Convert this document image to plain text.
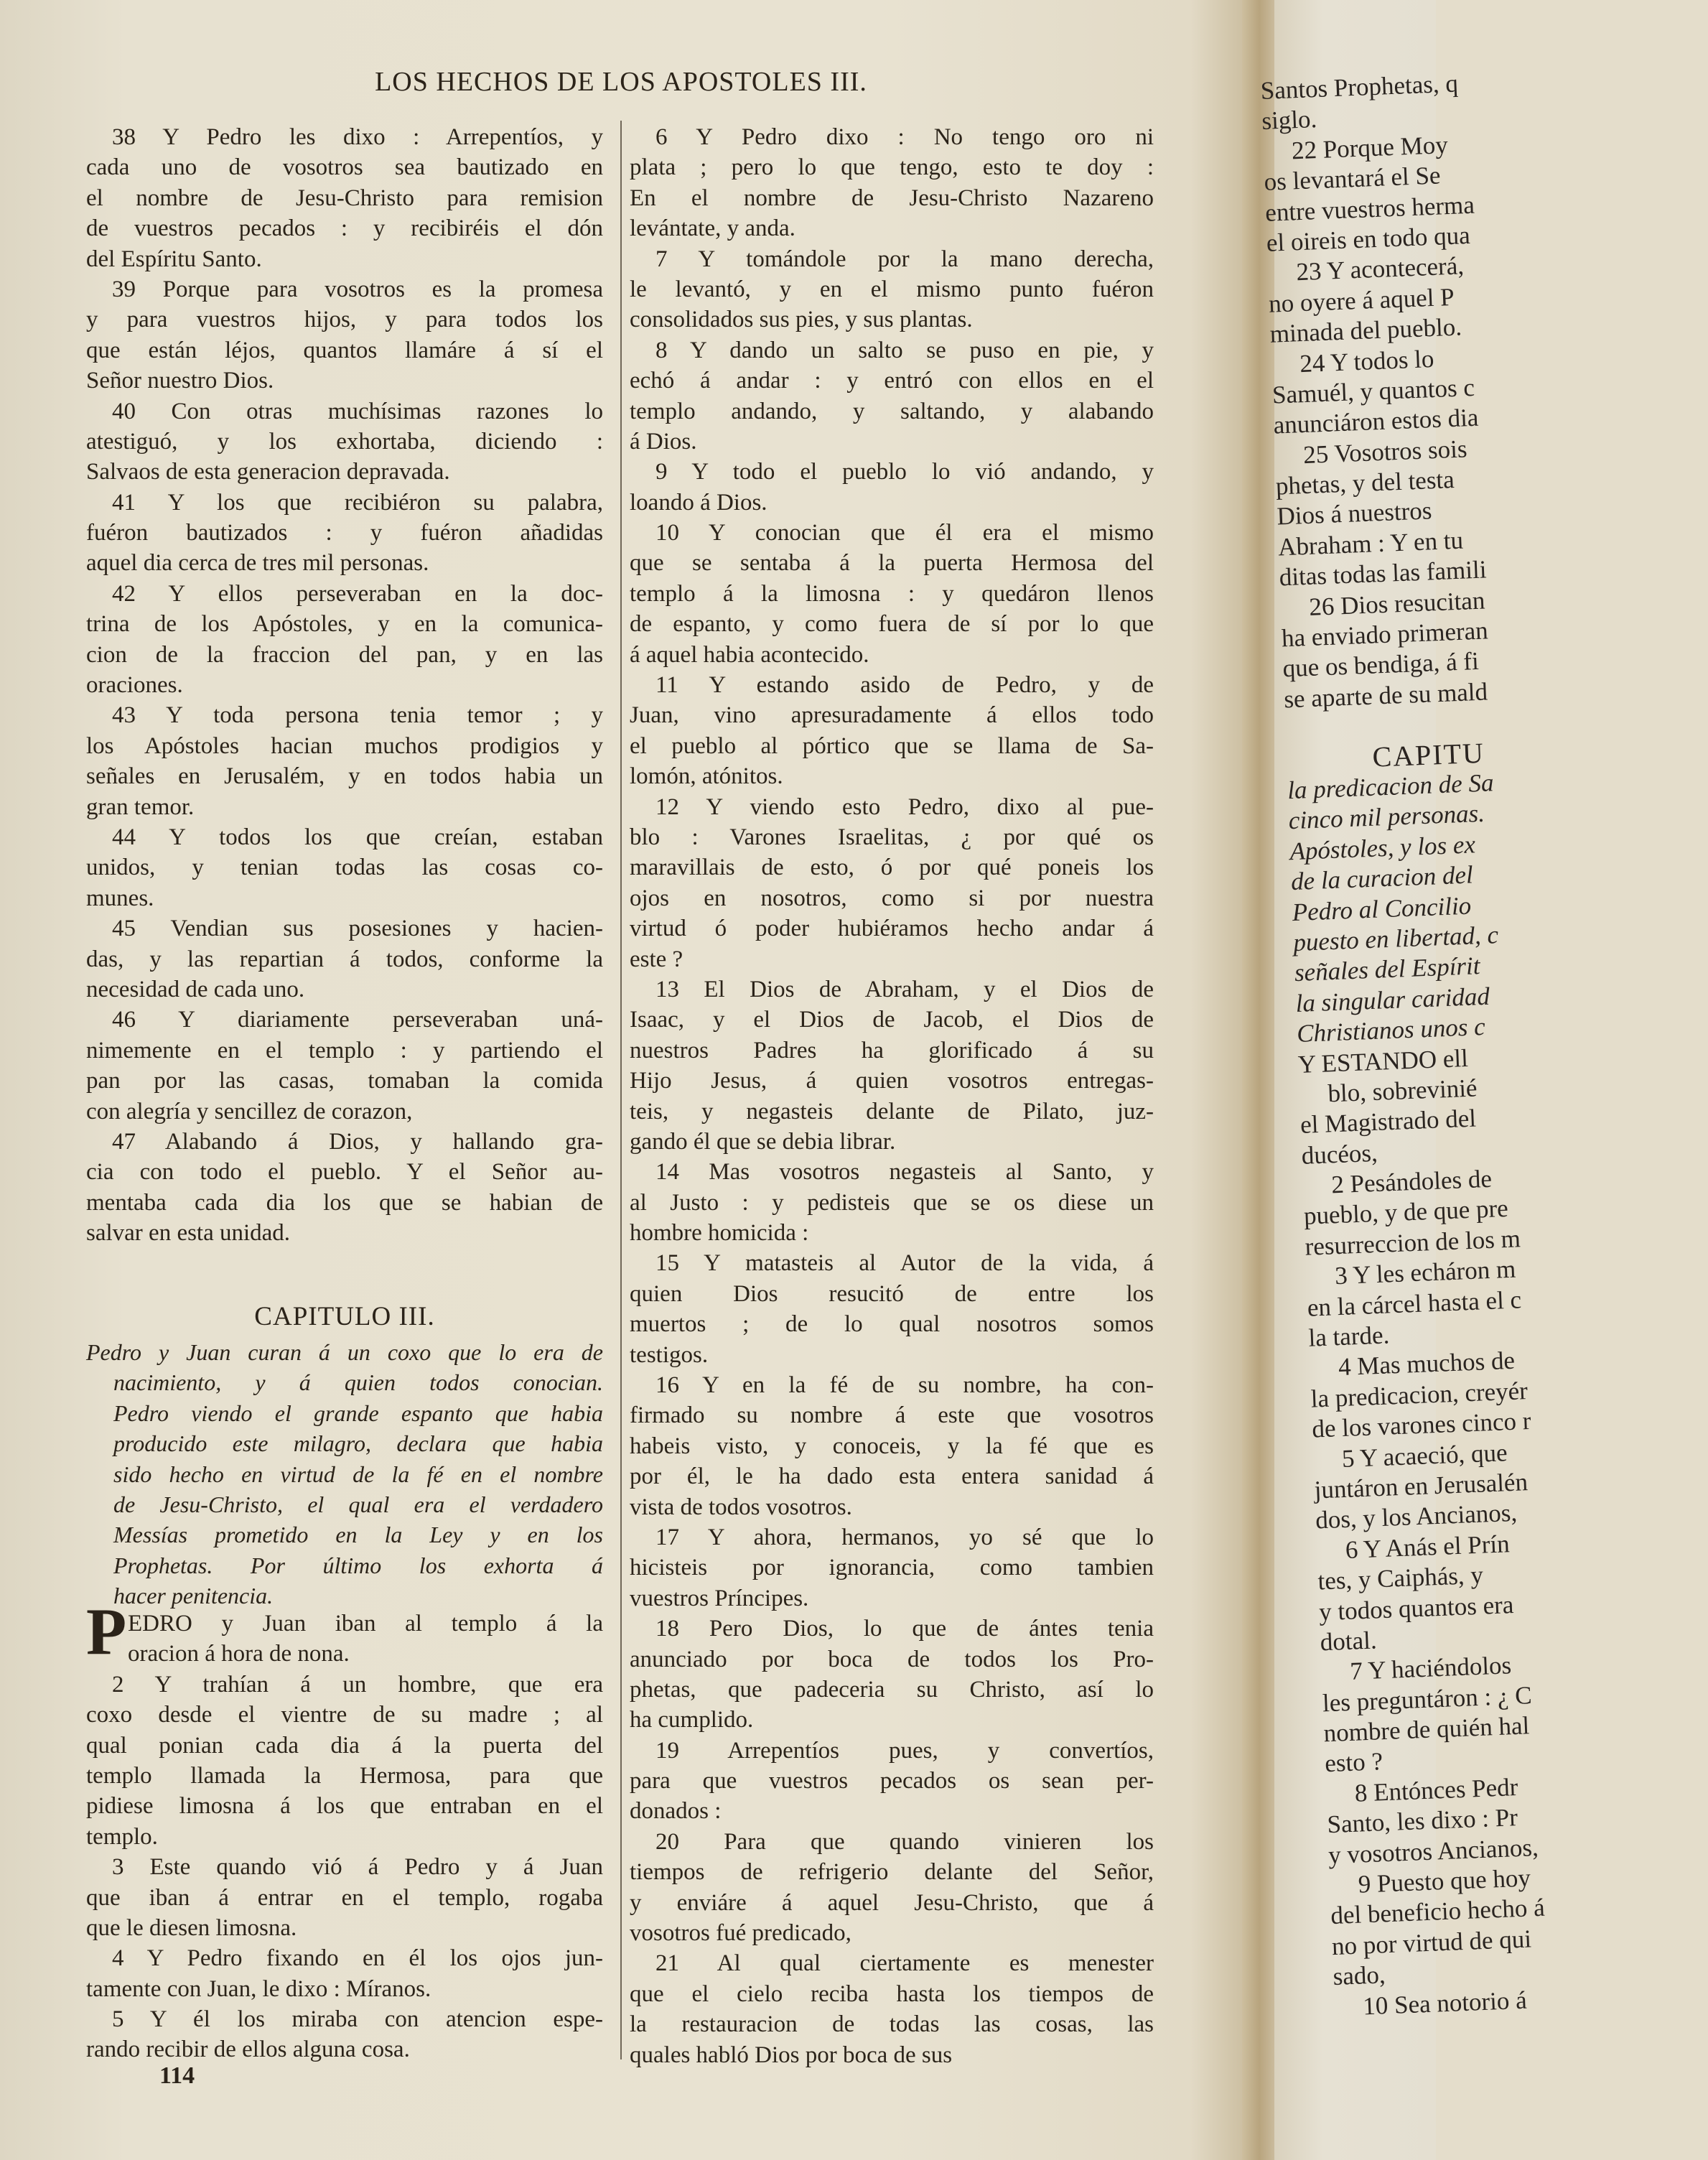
LOS HECHOS DE LOS APOSTOLES III.
38 Y Pedro les dixo : Arrepentíos, y
cada uno de vosotros sea bautizado en
el nombre de Jesu-Christo para remision
de vuestros pecados : y recibiréis el dón
del Espíritu Santo.
39 Porque para vosotros es la promesa
y para vuestros hijos, y para todos los
que están léjos, quantos llamáre á sí el
Señor nuestro Dios.
40 Con otras muchísimas razones lo
atestiguó, y los exhortaba, diciendo :
Salvaos de esta generacion depravada.
41 Y los que recibiéron su palabra,
fuéron bautizados : y fuéron añadidas
aquel dia cerca de tres mil personas.
42 Y ellos perseveraban en la doc-
trina de los Apóstoles, y en la comunica-
cion de la fraccion del pan, y en las
oraciones.
43 Y toda persona tenia temor ; y
los Apóstoles hacian muchos prodigios y
señales en Jerusalém, y en todos habia un
gran temor.
44 Y todos los que creían, estaban
unidos, y tenian todas las cosas co-
munes.
45 Vendian sus posesiones y hacien-
das, y las repartian á todos, conforme la
necesidad de cada uno.
46 Y diariamente perseveraban uná-
nimemente en el templo : y partiendo el
pan por las casas, tomaban la comida
con alegría y sencillez de corazon,
47 Alabando á Dios, y hallando gra-
cia con todo el pueblo. Y el Señor au-
mentaba cada dia los que se habian de
salvar en esta unidad.
CAPITULO III.
Pedro y Juan curan á un coxo que lo era de
nacimiento, y á quien todos conocian.
Pedro viendo el grande espanto que habia
producido este milagro, declara que habia
sido hecho en virtud de la fé en el nombre
de Jesu-Christo, el qual era el verdadero
Messías prometido en la Ley y en los
Prophetas. Por último los exhorta á
hacer penitencia.
P EDRO y Juan iban al templo á la
oracion á hora de nona.
2 Y trahían á un hombre, que era
coxo desde el vientre de su madre ; al
qual ponian cada dia á la puerta del
templo llamada la Hermosa, para que
pidiese limosna á los que entraban en el
templo.
3 Este quando vió á Pedro y á Juan
que iban á entrar en el templo, rogaba
que le diesen limosna.
4 Y Pedro fixando en él los ojos jun-
tamente con Juan, le dixo : Míranos.
5 Y él los miraba con atencion espe-
rando recibir de ellos alguna cosa.
6 Y Pedro dixo : No tengo oro ni
plata ; pero lo que tengo, esto te doy :
En el nombre de Jesu-Christo Nazareno
levántate, y anda.
7 Y tomándole por la mano derecha,
le levantó, y en el mismo punto fuéron
consolidados sus pies, y sus plantas.
8 Y dando un salto se puso en pie, y
echó á andar : y entró con ellos en el
templo andando, y saltando, y alabando
á Dios.
9 Y todo el pueblo lo vió andando, y
loando á Dios.
10 Y conocian que él era el mismo
que se sentaba á la puerta Hermosa del
templo á la limosna : y quedáron llenos
de espanto, y como fuera de sí por lo que
á aquel habia acontecido.
11 Y estando asido de Pedro, y de
Juan, vino apresuradamente á ellos todo
el pueblo al pórtico que se llama de Sa-
lomón, atónitos.
12 Y viendo esto Pedro, dixo al pue-
blo : Varones Israelitas, ¿ por qué os
maravillais de esto, ó por qué poneis los
ojos en nosotros, como si por nuestra
virtud ó poder hubiéramos hecho andar á
este ?
13 El Dios de Abraham, y el Dios de
Isaac, y el Dios de Jacob, el Dios de
nuestros Padres ha glorificado á su
Hijo Jesus, á quien vosotros entregas-
teis, y negasteis delante de Pilato, juz-
gando él que se debia librar.
14 Mas vosotros negasteis al Santo, y
al Justo : y pedisteis que se os diese un
hombre homicida :
15 Y matasteis al Autor de la vida, á
quien Dios resucitó de entre los
muertos ; de lo qual nosotros somos
testigos.
16 Y en la fé de su nombre, ha con-
firmado su nombre á este que vosotros
habeis visto, y conoceis, y la fé que es
por él, le ha dado esta entera sanidad á
vista de todos vosotros.
17 Y ahora, hermanos, yo sé que lo
hicisteis por ignorancia, como tambien
vuestros Príncipes.
18 Pero Dios, lo que de ántes tenia
anunciado por boca de todos los Pro-
phetas, que padeceria su Christo, así lo
ha cumplido.
19 Arrepentíos pues, y convertíos,
para que vuestros pecados os sean per-
donados :
20 Para que quando vinieren los
tiempos de refrigerio delante del Señor,
y enviáre á aquel Jesu-Christo, que á
vosotros fué predicado,
21 Al qual ciertamente es menester
que el cielo reciba hasta los tiempos de
la restauracion de todas las cosas, las
quales habló Dios por boca de sus
114
Santos Prophetas, q
siglo.
22 Porque Moy
os levantará el Se
entre vuestros herma
el oireis en todo qua
23 Y acontecerá,
no oyere á aquel P
minada del pueblo.
24 Y todos lo
Samuél, y quantos c
anunciáron estos dia
25 Vosotros sois
phetas, y del testa
Dios á nuestros
Abraham : Y en tu
ditas todas las famili
26 Dios resucitan
ha enviado primeran
que os bendiga, á fi
se aparte de su mald
CAPITU
la predicacion de Sa
cinco mil personas.
Apóstoles, y los ex
de la curacion del
Pedro al Concilio
puesto en libertad, c
señales del Espírit
la singular caridad
Christianos unos c
Y ESTANDO ell
blo, sobrevinié
el Magistrado del
ducéos,
2 Pesándoles de
pueblo, y de que pre
resurreccion de los m
3 Y les echáron m
en la cárcel hasta el c
la tarde.
4 Mas muchos de
la predicacion, creyér
de los varones cinco r
5 Y acaeció, que
juntáron en Jerusalén
dos, y los Ancianos,
6 Y Anás el Prín
tes, y Caiphás, y
y todos quantos era
dotal.
7 Y haciéndolos
les preguntáron : ¿ C
nombre de quién hal
esto ?
8 Entónces Pedr
Santo, les dixo : Pr
y vosotros Ancianos,
9 Puesto que hoy
del beneficio hecho á
no por virtud de qui
sado,
10 Sea notorio á
